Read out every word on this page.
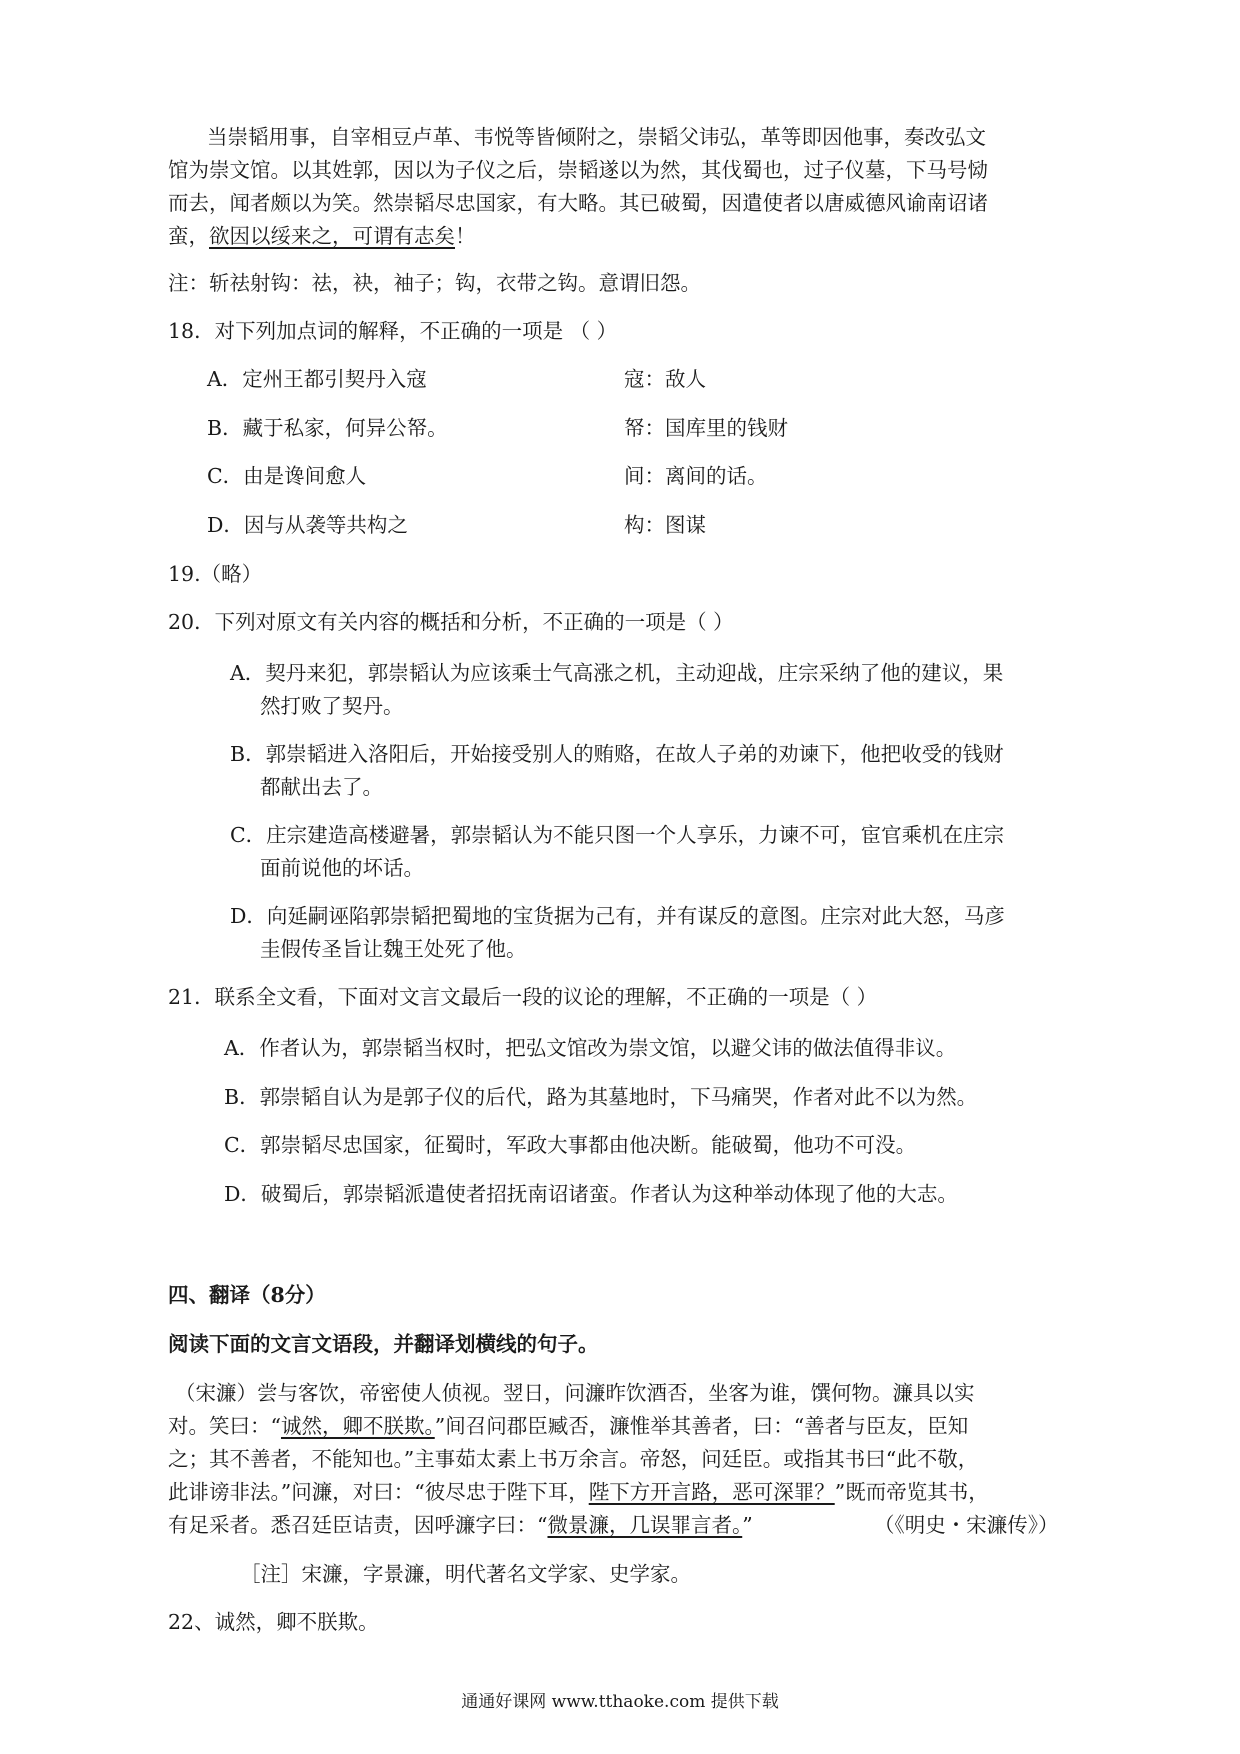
当崇韬用事，自宰相豆卢革、韦悦等皆倾附之，崇韬父讳弘，革等即因他事，奏改弘文
馆为崇文馆。以其姓郭，因以为子仪之后，崇韬遂以为然，其伐蜀也，过子仪墓，下马号恸
而去，闻者颇以为笑。然崇韬尽忠国家，有大略。其已破蜀，因遣使者以唐威德风谕南诏诸
蛮，欲因以绥来之，可谓有志矣！
注：斩祛射钩：祛，袂，袖子；钩，衣带之钩。意谓旧怨。
18．对下列加点词的解释，不正确的一项是 （ ）
A．定州王都引契丹入寇	寇：敌人
B．藏于私家，何异公帑。	帑：国库里的钱财
C．由是谗间愈人	间：离间的话。
D．因与从袭等共构之	构：图谋
19.（略）
20．下列对原文有关内容的概括和分析，不正确的一项是（ ）
A．契丹来犯，郭崇韬认为应该乘士气高涨之机，主动迎战，庄宗采纳了他的建议，果
然打败了契丹。
B．郭崇韬进入洛阳后，开始接受别人的贿赂，在故人子弟的劝谏下，他把收受的钱财
都献出去了。
C．庄宗建造高楼避暑，郭崇韬认为不能只图一个人享乐，力谏不可，宦官乘机在庄宗
面前说他的坏话。
D．向延嗣诬陷郭崇韬把蜀地的宝货据为己有，并有谋反的意图。庄宗对此大怒，马彦
圭假传圣旨让魏王处死了他。
21．联系全文看，下面对文言文最后一段的议论的理解，不正确的一项是（ ）
A．作者认为，郭崇韬当权时，把弘文馆改为崇文馆，以避父讳的做法值得非议。
B．郭崇韬自认为是郭子仪的后代，路为其墓地时，下马痛哭，作者对此不以为然。
C．郭崇韬尽忠国家，征蜀时，军政大事都由他决断。能破蜀，他功不可没。
D．破蜀后，郭崇韬派遣使者招抚南诏诸蛮。作者认为这种举动体现了他的大志。
四、翻译（8分）
阅读下面的文言文语段，并翻译划横线的句子。
（宋濂）尝与客饮，帝密使人侦视。翌日，问濂昨饮酒否，坐客为谁，馔何物。濂具以实
对。笑曰：“诚然，卿不朕欺。”间召问郡臣臧否，濂惟举其善者，曰：“善者与臣友，臣知
之；其不善者，不能知也。”主事茹太素上书万余言。帝怒，问廷臣。或指其书曰“此不敬，
此诽谤非法。”问濂，对曰：“彼尽忠于陛下耳，陛下方开言路，恶可深罪？”既而帝览其书，
有足采者。悉召廷臣诘责，因呼濂字曰：“微景濂，几误罪言者。”	（《明史・宋濂传》）
［注］宋濂，字景濂，明代著名文学家、史学家。
22、诚然，卿不朕欺。
通通好课网 www.tthaoke.com 提供下载
